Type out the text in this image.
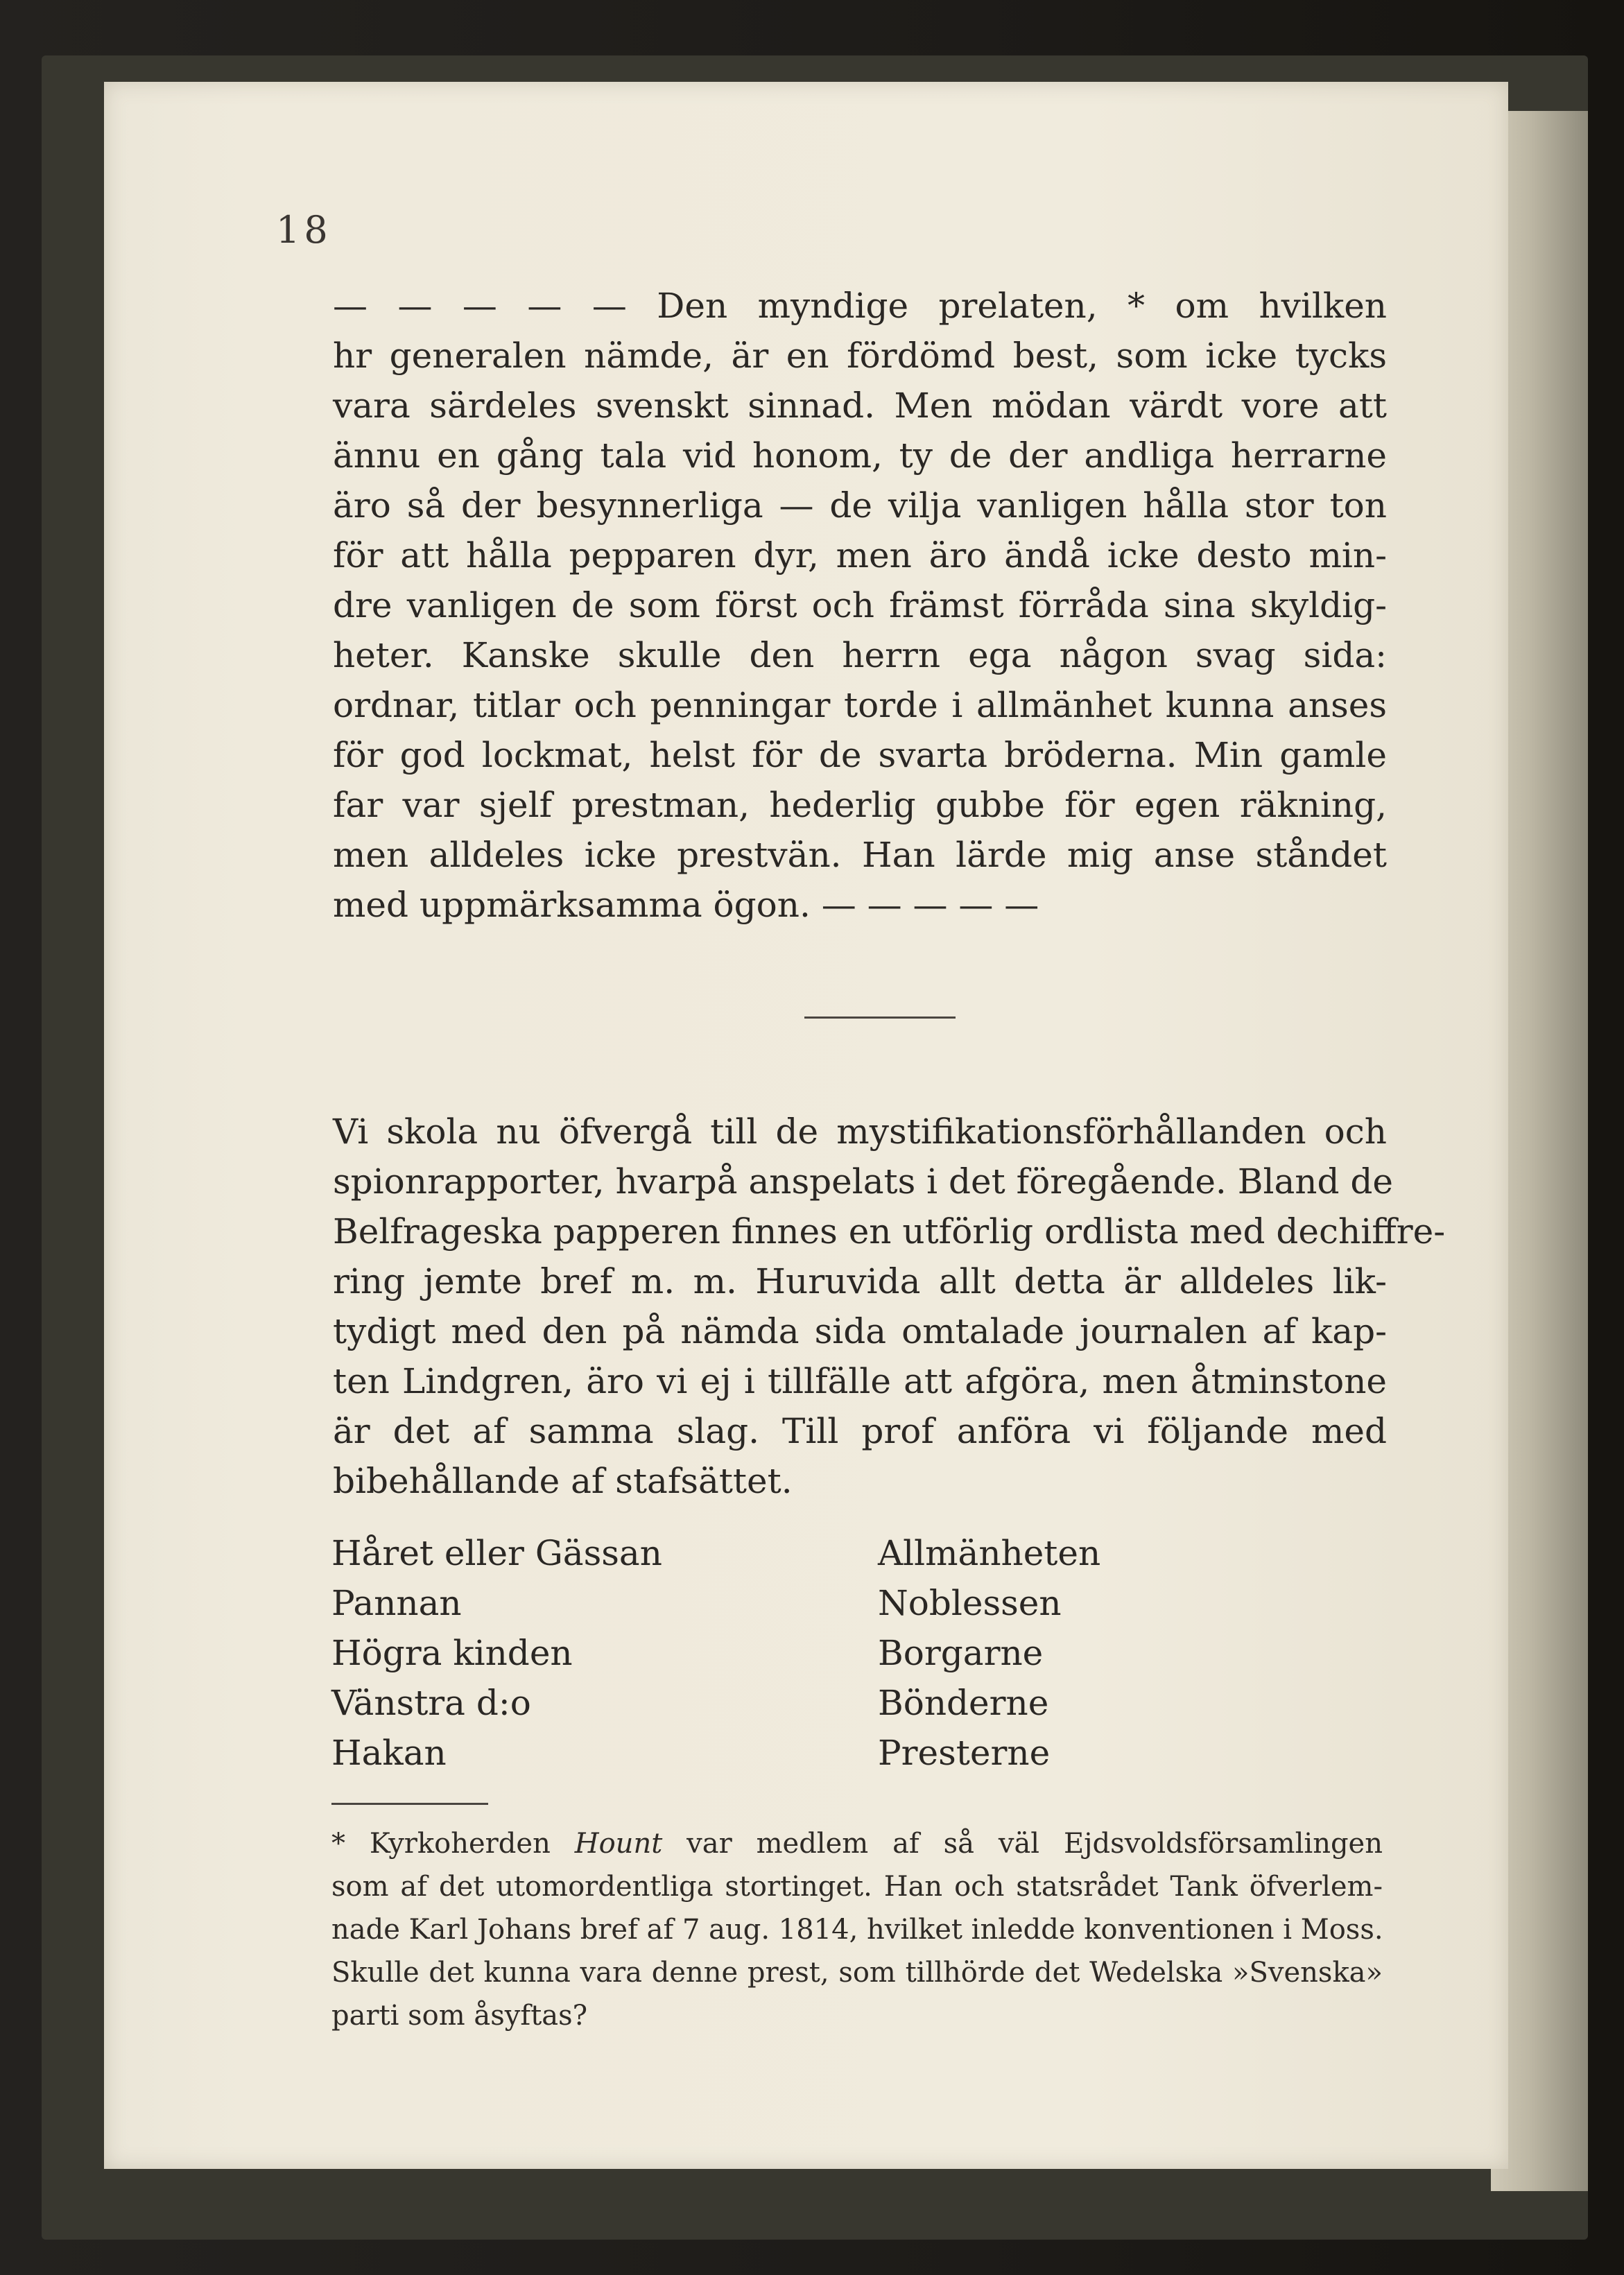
18

— — — — — Den myndige prelaten, * om hvilken
hr generalen nämde, är en fördömd best, som icke tycks
vara särdeles svenskt sinnad. Men mödan värdt vore att
ännu en gång tala vid honom, ty de der andliga herrarne
äro så der besynnerliga — de vilja vanligen hålla stor ton
för att hålla pepparen dyr, men äro ändå icke desto min-
dre vanligen de som först och främst förråda sina skyldig-
heter. Kanske skulle den herrn ega någon svag sida:
ordnar, titlar och penningar torde i allmänhet kunna anses
för god lockmat, helst för de svarta bröderna. Min gamle
far var sjelf prestman, hederlig gubbe för egen räkning,
men alldeles icke prestvän. Han lärde mig anse ståndet
med uppmärksamma ögon. — — — — —
Vi skola nu öfvergå till de mystifikationsförhållanden och
spionrapporter, hvarpå anspelats i det föregående. Bland de
Belfrageska papperen finnes en utförlig ordlista med dechiffre-
ring jemte bref m. m. Huruvida allt detta är alldeles lik-
tydigt med den på nämda sida omtalade journalen af kap-
ten Lindgren, äro vi ej i tillfälle att afgöra, men åtminstone
är det af samma slag. Till prof anföra vi följande med
bibehållande af stafsättet.
Håret eller Gässan	Allmänheten
Pannan	Noblessen
Högra kinden	Borgarne
Vänstra d:o	Bönderne
Hakan	Presterne
* Kyrkoherden Hount var medlem af så väl Ejdsvoldsförsamlingen
som af det utomordentliga stortinget. Han och statsrådet Tank öfverlem-
nade Karl Johans bref af 7 aug. 1814, hvilket inledde konventionen i Moss.
Skulle det kunna vara denne prest, som tillhörde det Wedelska »Svenska»
parti som åsyftas?
